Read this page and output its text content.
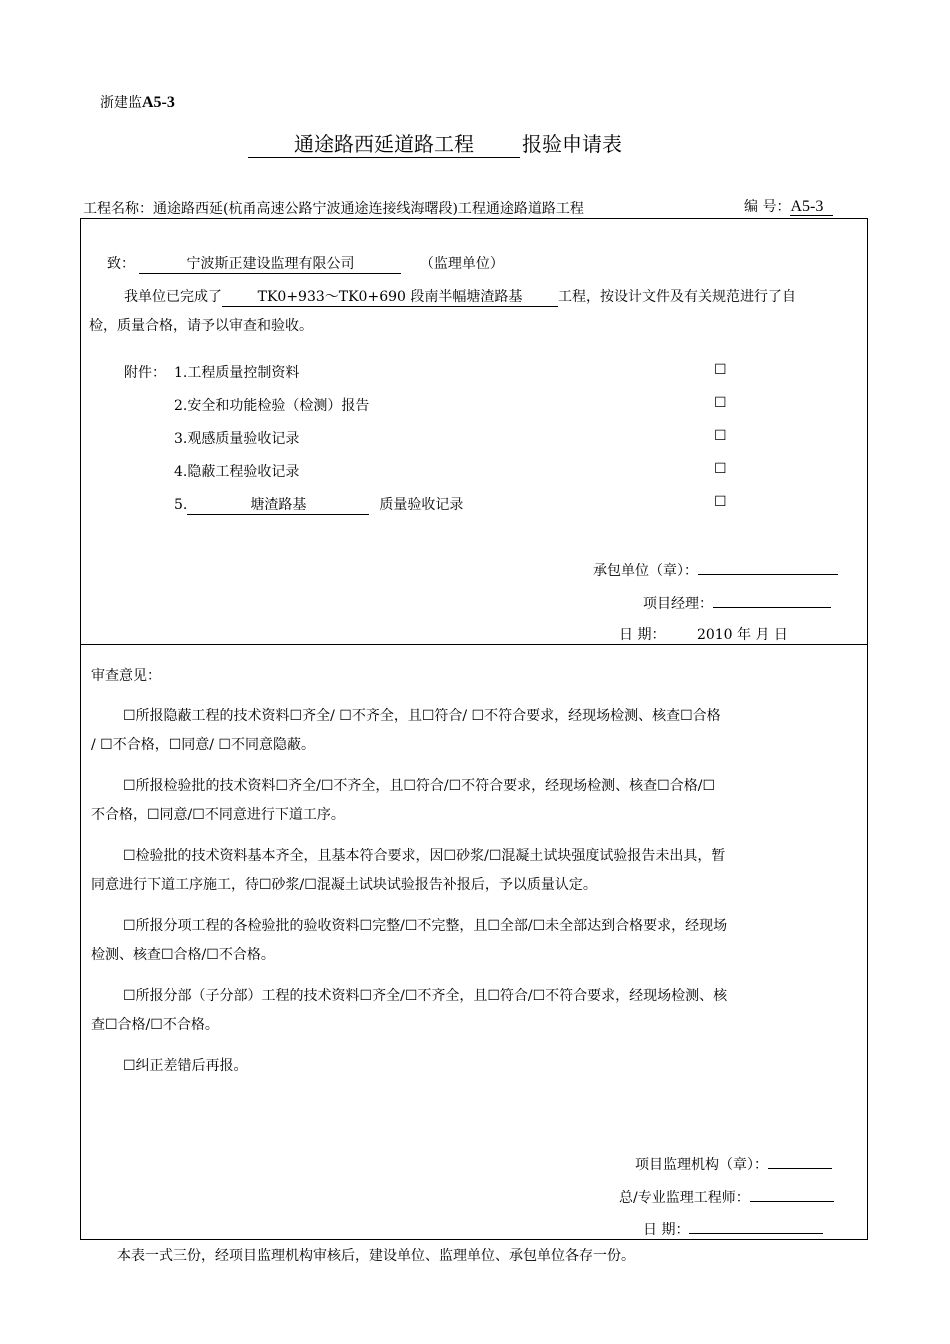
浙建监A5-3
通途路西延道路工程 报验申请表
工程名称：通途路西延(杭甬高速公路宁波通途连接线海曙段)工程通途路道路工程	编 号：A5-3
致：	宁波斯正建设监理有限公司	（监理单位）
我单位已完成了	TK0+933～TK0+690 段南半幅塘渣路基	工程，按设计文件及有关规范进行了自
检，质量合格，请予以审查和验收。
附件： 1.工程质量控制资料	☐
2.安全和功能检验（检测）报告	☐
3.观感质量验收记录	☐
4.隐蔽工程验收记录	☐
5.	塘渣路基	质量验收记录	☐
承包单位（章）：
项目经理：
日 期： 2010 年 月 日
审查意见：
☐所报隐蔽工程的技术资料☐齐全/ ☐不齐全，且☐符合/ ☐不符合要求，经现场检测、核查☐合格
/ ☐不合格，☐同意/ ☐不同意隐蔽。
☐所报检验批的技术资料☐齐全/☐不齐全，且☐符合/☐不符合要求，经现场检测、核查☐合格/☐
不合格，☐同意/☐不同意进行下道工序。
☐检验批的技术资料基本齐全，且基本符合要求，因☐砂浆/☐混凝土试块强度试验报告未出具，暂
同意进行下道工序施工，待☐砂浆/☐混凝土试块试验报告补报后，予以质量认定。
☐所报分项工程的各检验批的验收资料☐完整/☐不完整，且☐全部/☐未全部达到合格要求，经现场
检测、核查☐合格/☐不合格。
☐所报分部（子分部）工程的技术资料☐齐全/☐不齐全，且☐符合/☐不符合要求，经现场检测、核
查☐合格/☐不合格。
☐纠正差错后再报。
项目监理机构（章）：
总/专业监理工程师：
日 期：
本表一式三份，经项目监理机构审核后，建设单位、监理单位、承包单位各存一份。
